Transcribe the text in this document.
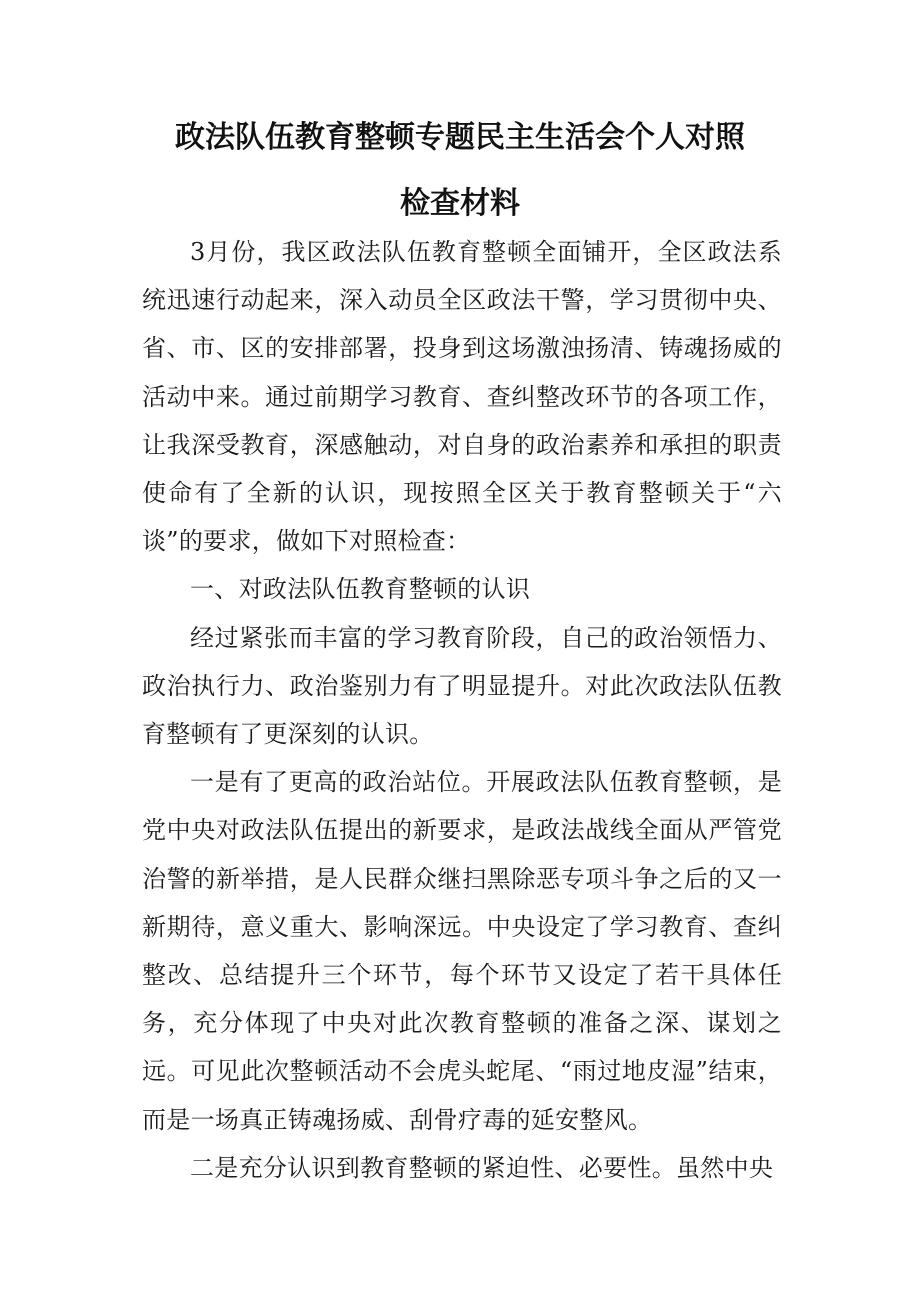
政法队伍教育整顿专题民主生活会个人对照
检查材料

3月份，我区政法队伍教育整顿全面铺开，全区政法系统迅速行动起来，深入动员全区政法干警，学习贯彻中央、省、市、区的安排部署，投身到这场激浊扬清、铸魂扬威的活动中来。通过前期学习教育、查纠整改环节的各项工作，让我深受教育，深感触动，对自身的政治素养和承担的职责使命有了全新的认识，现按照全区关于教育整顿关于“六谈”的要求，做如下对照检查：

一、对政法队伍教育整顿的认识

经过紧张而丰富的学习教育阶段，自己的政治领悟力、政治执行力、政治鉴别力有了明显提升。对此次政法队伍教育整顿有了更深刻的认识。

一是有了更高的政治站位。开展政法队伍教育整顿，是党中央对政法队伍提出的新要求，是政法战线全面从严管党治警的新举措，是人民群众继扫黑除恶专项斗争之后的又一新期待，意义重大、影响深远。中央设定了学习教育、查纠整改、总结提升三个环节，每个环节又设定了若干具体任务，充分体现了中央对此次教育整顿的准备之深、谋划之远。可见此次整顿活动不会虎头蛇尾、“雨过地皮湿”结束，而是一场真正铸魂扬威、刮骨疗毒的延安整风。

二是充分认识到教育整顿的紧迫性、必要性。虽然中央
